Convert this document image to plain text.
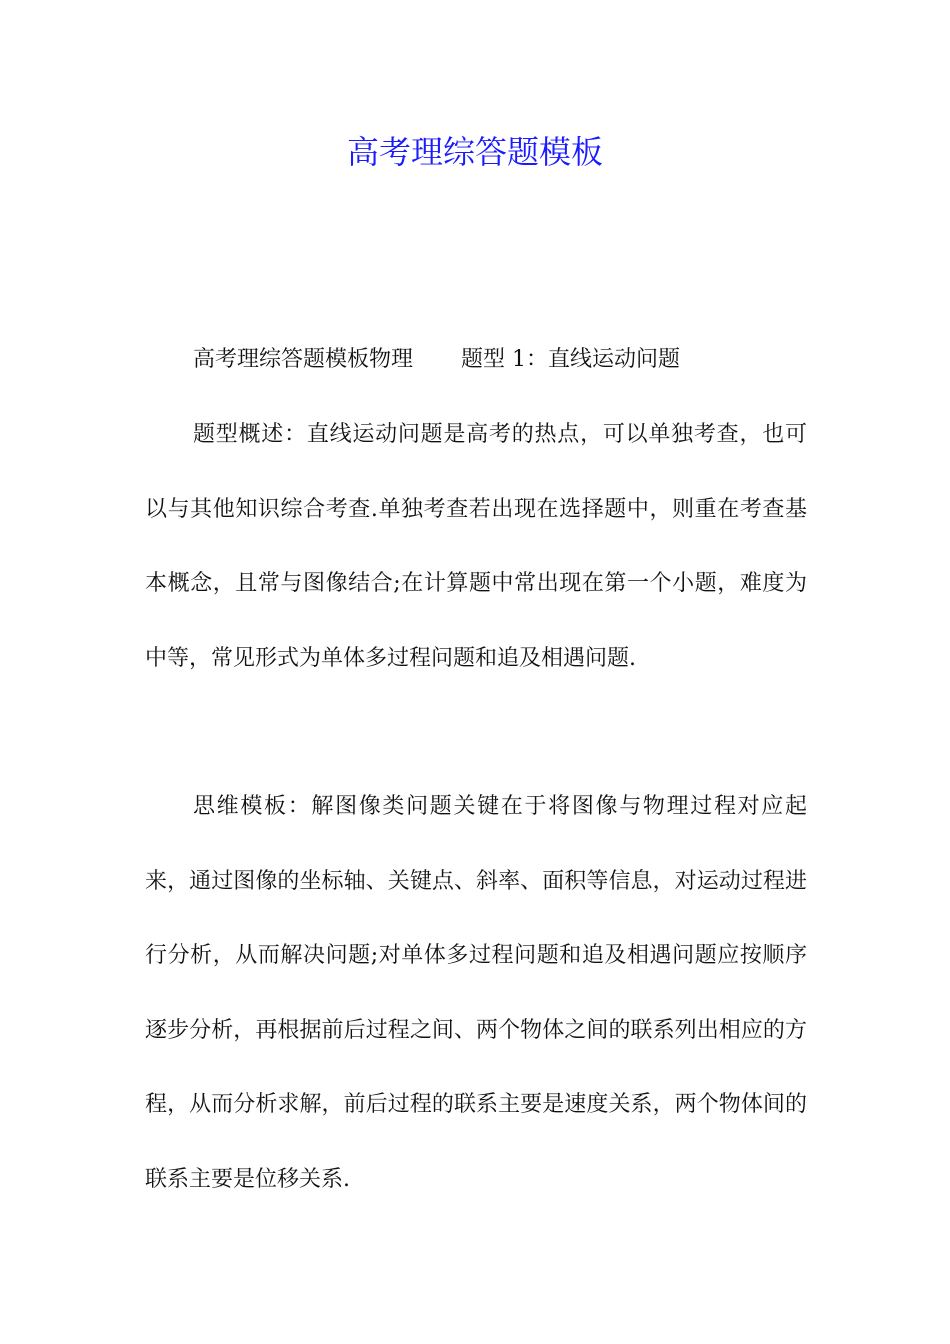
高考理综答题模板

高考理综答题模板物理 题型 1：直线运动问题

题型概述：直线运动问题是高考的热点，可以单独考查，也可以与其他知识综合考查.单独考查若出现在选择题中，则重在考查基本概念，且常与图像结合;在计算题中常出现在第一个小题，难度为中等，常见形式为单体多过程问题和追及相遇问题.

思维模板：解图像类问题关键在于将图像与物理过程对应起来，通过图像的坐标轴、关键点、斜率、面积等信息，对运动过程进行分析，从而解决问题;对单体多过程问题和追及相遇问题应按顺序逐步分析，再根据前后过程之间、两个物体之间的联系列出相应的方程，从而分析求解，前后过程的联系主要是速度关系，两个物体间的联系主要是位移关系.
